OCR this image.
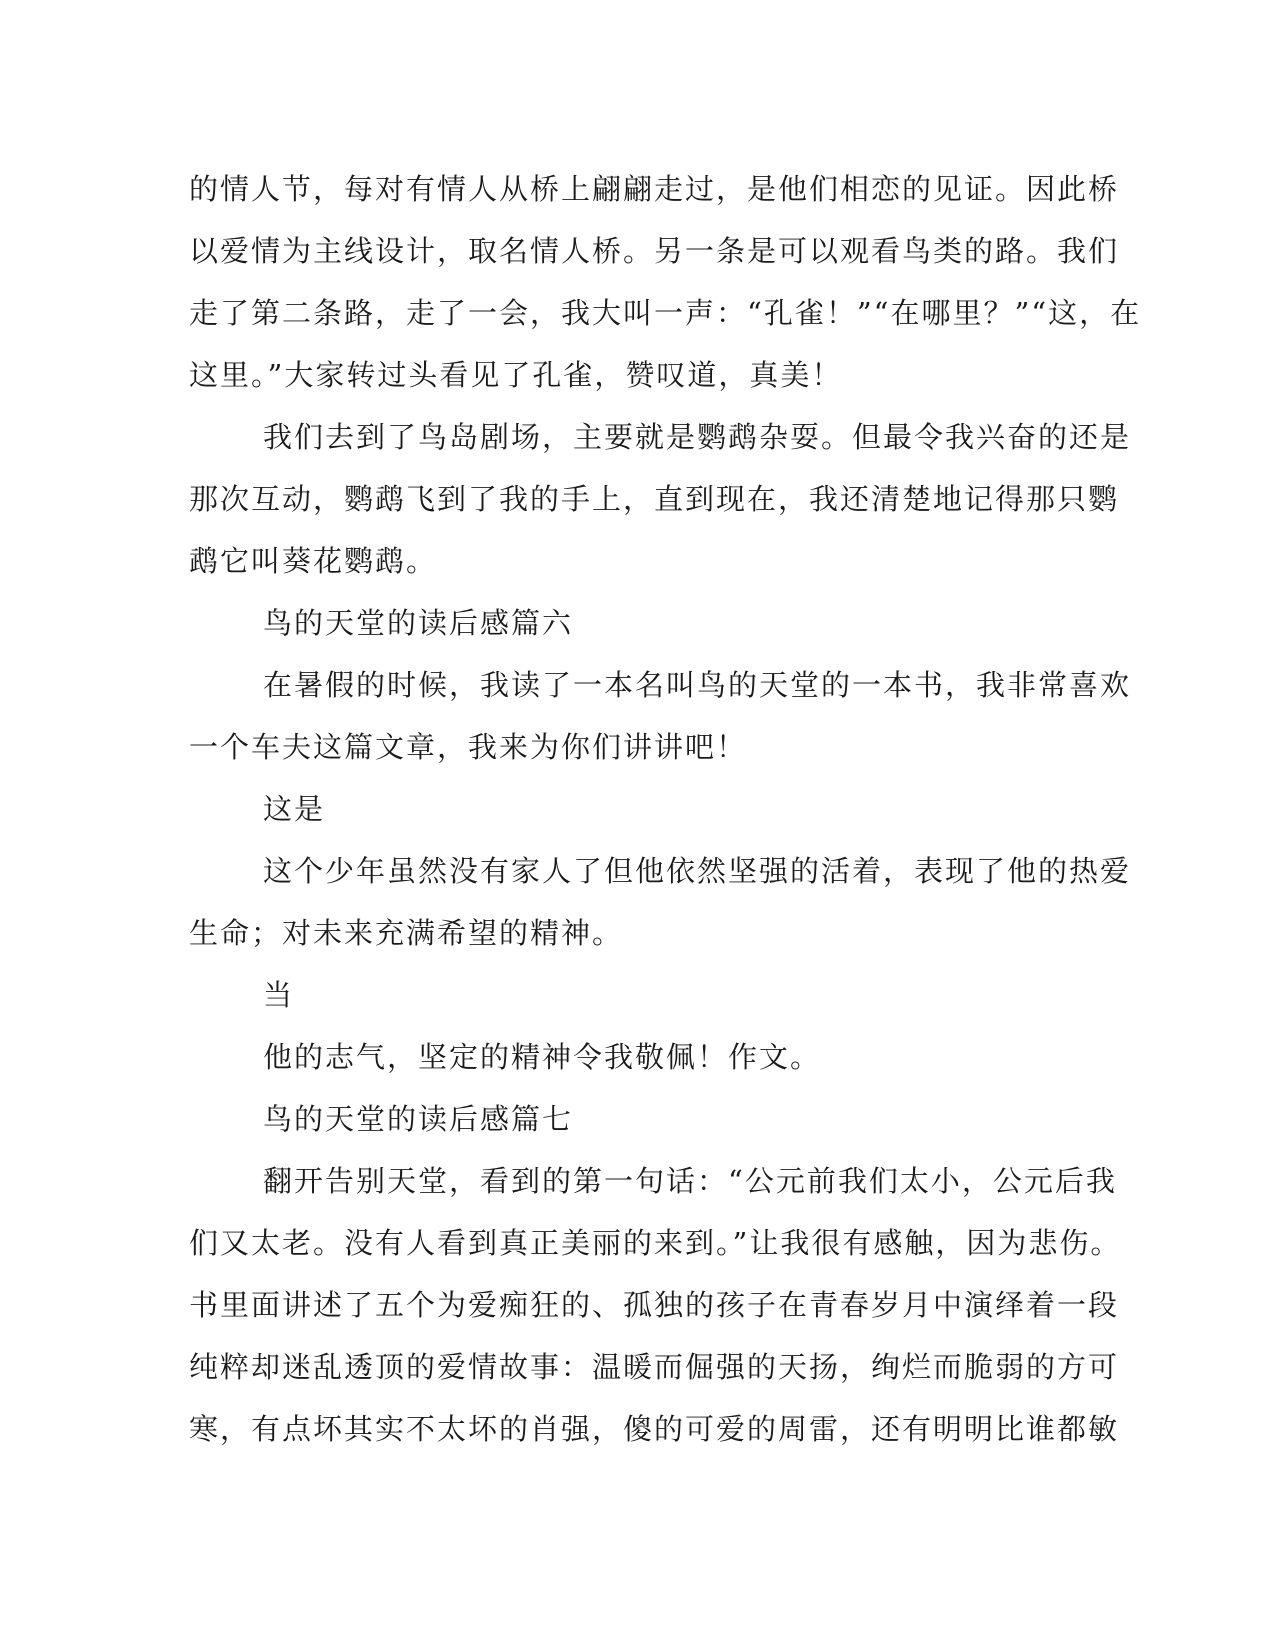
的情人节，每对有情人从桥上翩翩走过，是他们相恋的见证。因此桥
以爱情为主线设计，取名情人桥。另一条是可以观看鸟类的路。我们
走了第二条路，走了一会，我大叫一声：“孔雀！”“在哪里？”“这，在
这里。”大家转过头看见了孔雀，赞叹道，真美！
我们去到了鸟岛剧场，主要就是鹦鹉杂耍。但最令我兴奋的还是
那次互动，鹦鹉飞到了我的手上，直到现在，我还清楚地记得那只鹦
鹉它叫葵花鹦鹉。
鸟的天堂的读后感篇六
在暑假的时候，我读了一本名叫鸟的天堂的一本书，我非常喜欢
一个车夫这篇文章，我来为你们讲讲吧！
这是
这个少年虽然没有家人了但他依然坚强的活着，表现了他的热爱
生命；对未来充满希望的精神。
当
他的志气，坚定的精神令我敬佩！作文。
鸟的天堂的读后感篇七
翻开告别天堂，看到的第一句话：“公元前我们太小，公元后我
们又太老。没有人看到真正美丽的来到。”让我很有感触，因为悲伤。
书里面讲述了五个为爱痴狂的、孤独的孩子在青春岁月中演绎着一段
纯粹却迷乱透顶的爱情故事：温暖而倔强的天扬，绚烂而脆弱的方可
寒，有点坏其实不太坏的肖强，傻的可爱的周雷，还有明明比谁都敏
